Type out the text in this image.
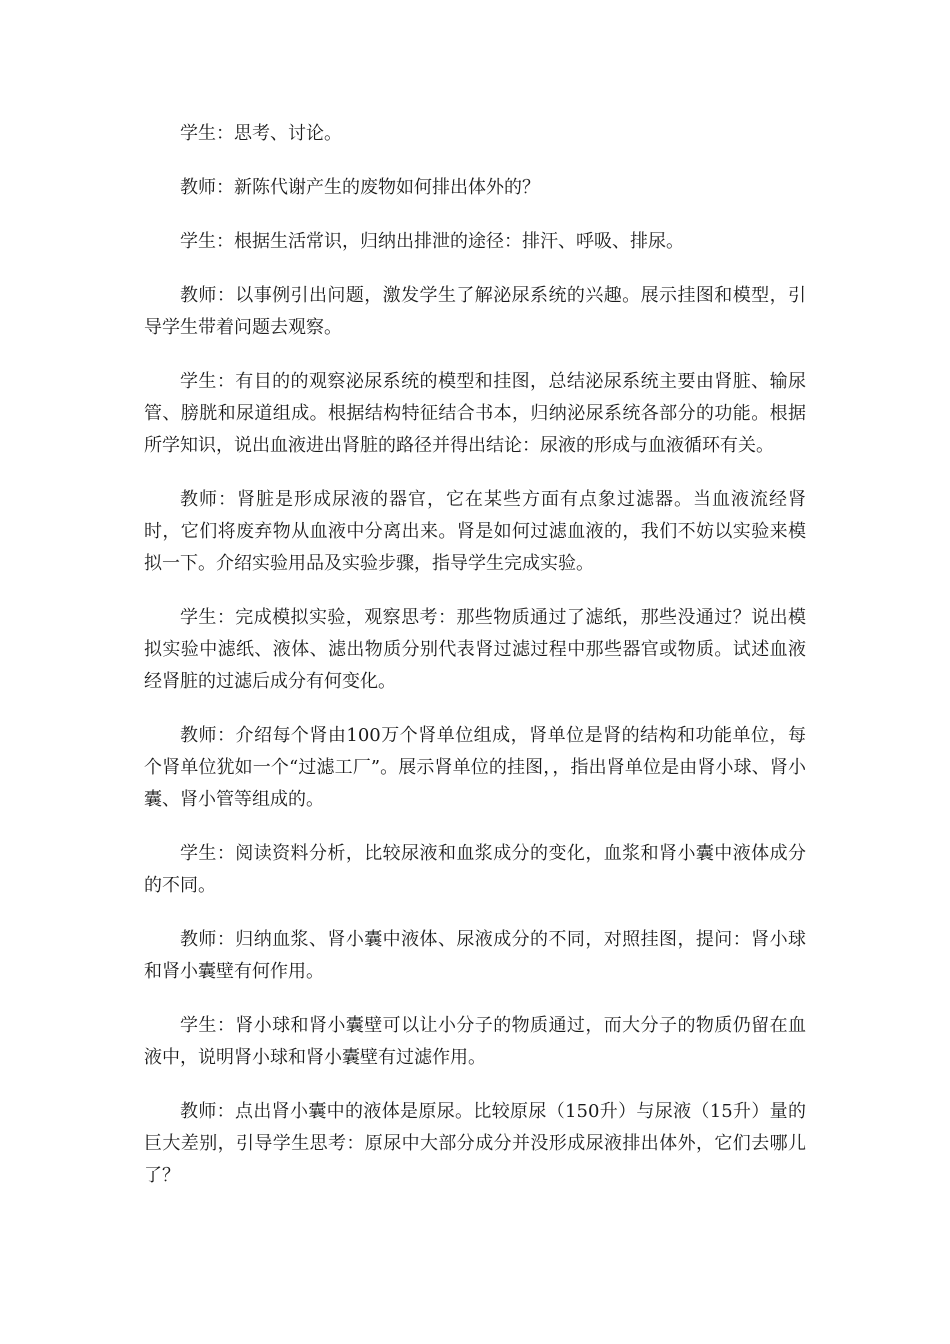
学生：思考、讨论。

教师：新陈代谢产生的废物如何排出体外的？

学生：根据生活常识，归纳出排泄的途径：排汗、呼吸、排尿。

教师：以事例引出问题，激发学生了解泌尿系统的兴趣。展示挂图和模型，引导学生带着问题去观察。

学生：有目的的观察泌尿系统的模型和挂图，总结泌尿系统主要由肾脏、输尿管、膀胱和尿道组成。根据结构特征结合书本，归纳泌尿系统各部分的功能。根据所学知识，说出血液进出肾脏的路径并得出结论：尿液的形成与血液循环有关。

教师：肾脏是形成尿液的器官，它在某些方面有点象过滤器。当血液流经肾时，它们将废弃物从血液中分离出来。肾是如何过滤血液的，我们不妨以实验来模拟一下。介绍实验用品及实验步骤，指导学生完成实验。

学生：完成模拟实验，观察思考：那些物质通过了滤纸，那些没通过？说出模拟实验中滤纸、液体、滤出物质分别代表肾过滤过程中那些器官或物质。试述血液经肾脏的过滤后成分有何变化。

教师：介绍每个肾由100万个肾单位组成，肾单位是肾的结构和功能单位，每个肾单位犹如一个“过滤工厂”。展示肾单位的挂图，，指出肾单位是由肾小球、肾小囊、肾小管等组成的。

学生：阅读资料分析，比较尿液和血浆成分的变化，血浆和肾小囊中液体成分的不同。

教师：归纳血浆、肾小囊中液体、尿液成分的不同，对照挂图，提问：肾小球和肾小囊壁有何作用。

学生：肾小球和肾小囊壁可以让小分子的物质通过，而大分子的物质仍留在血液中，说明肾小球和肾小囊壁有过滤作用。

教师：点出肾小囊中的液体是原尿。比较原尿（150升）与尿液（15升）量的巨大差别，引导学生思考：原尿中大部分成分并没形成尿液排出体外，它们去哪儿了？
